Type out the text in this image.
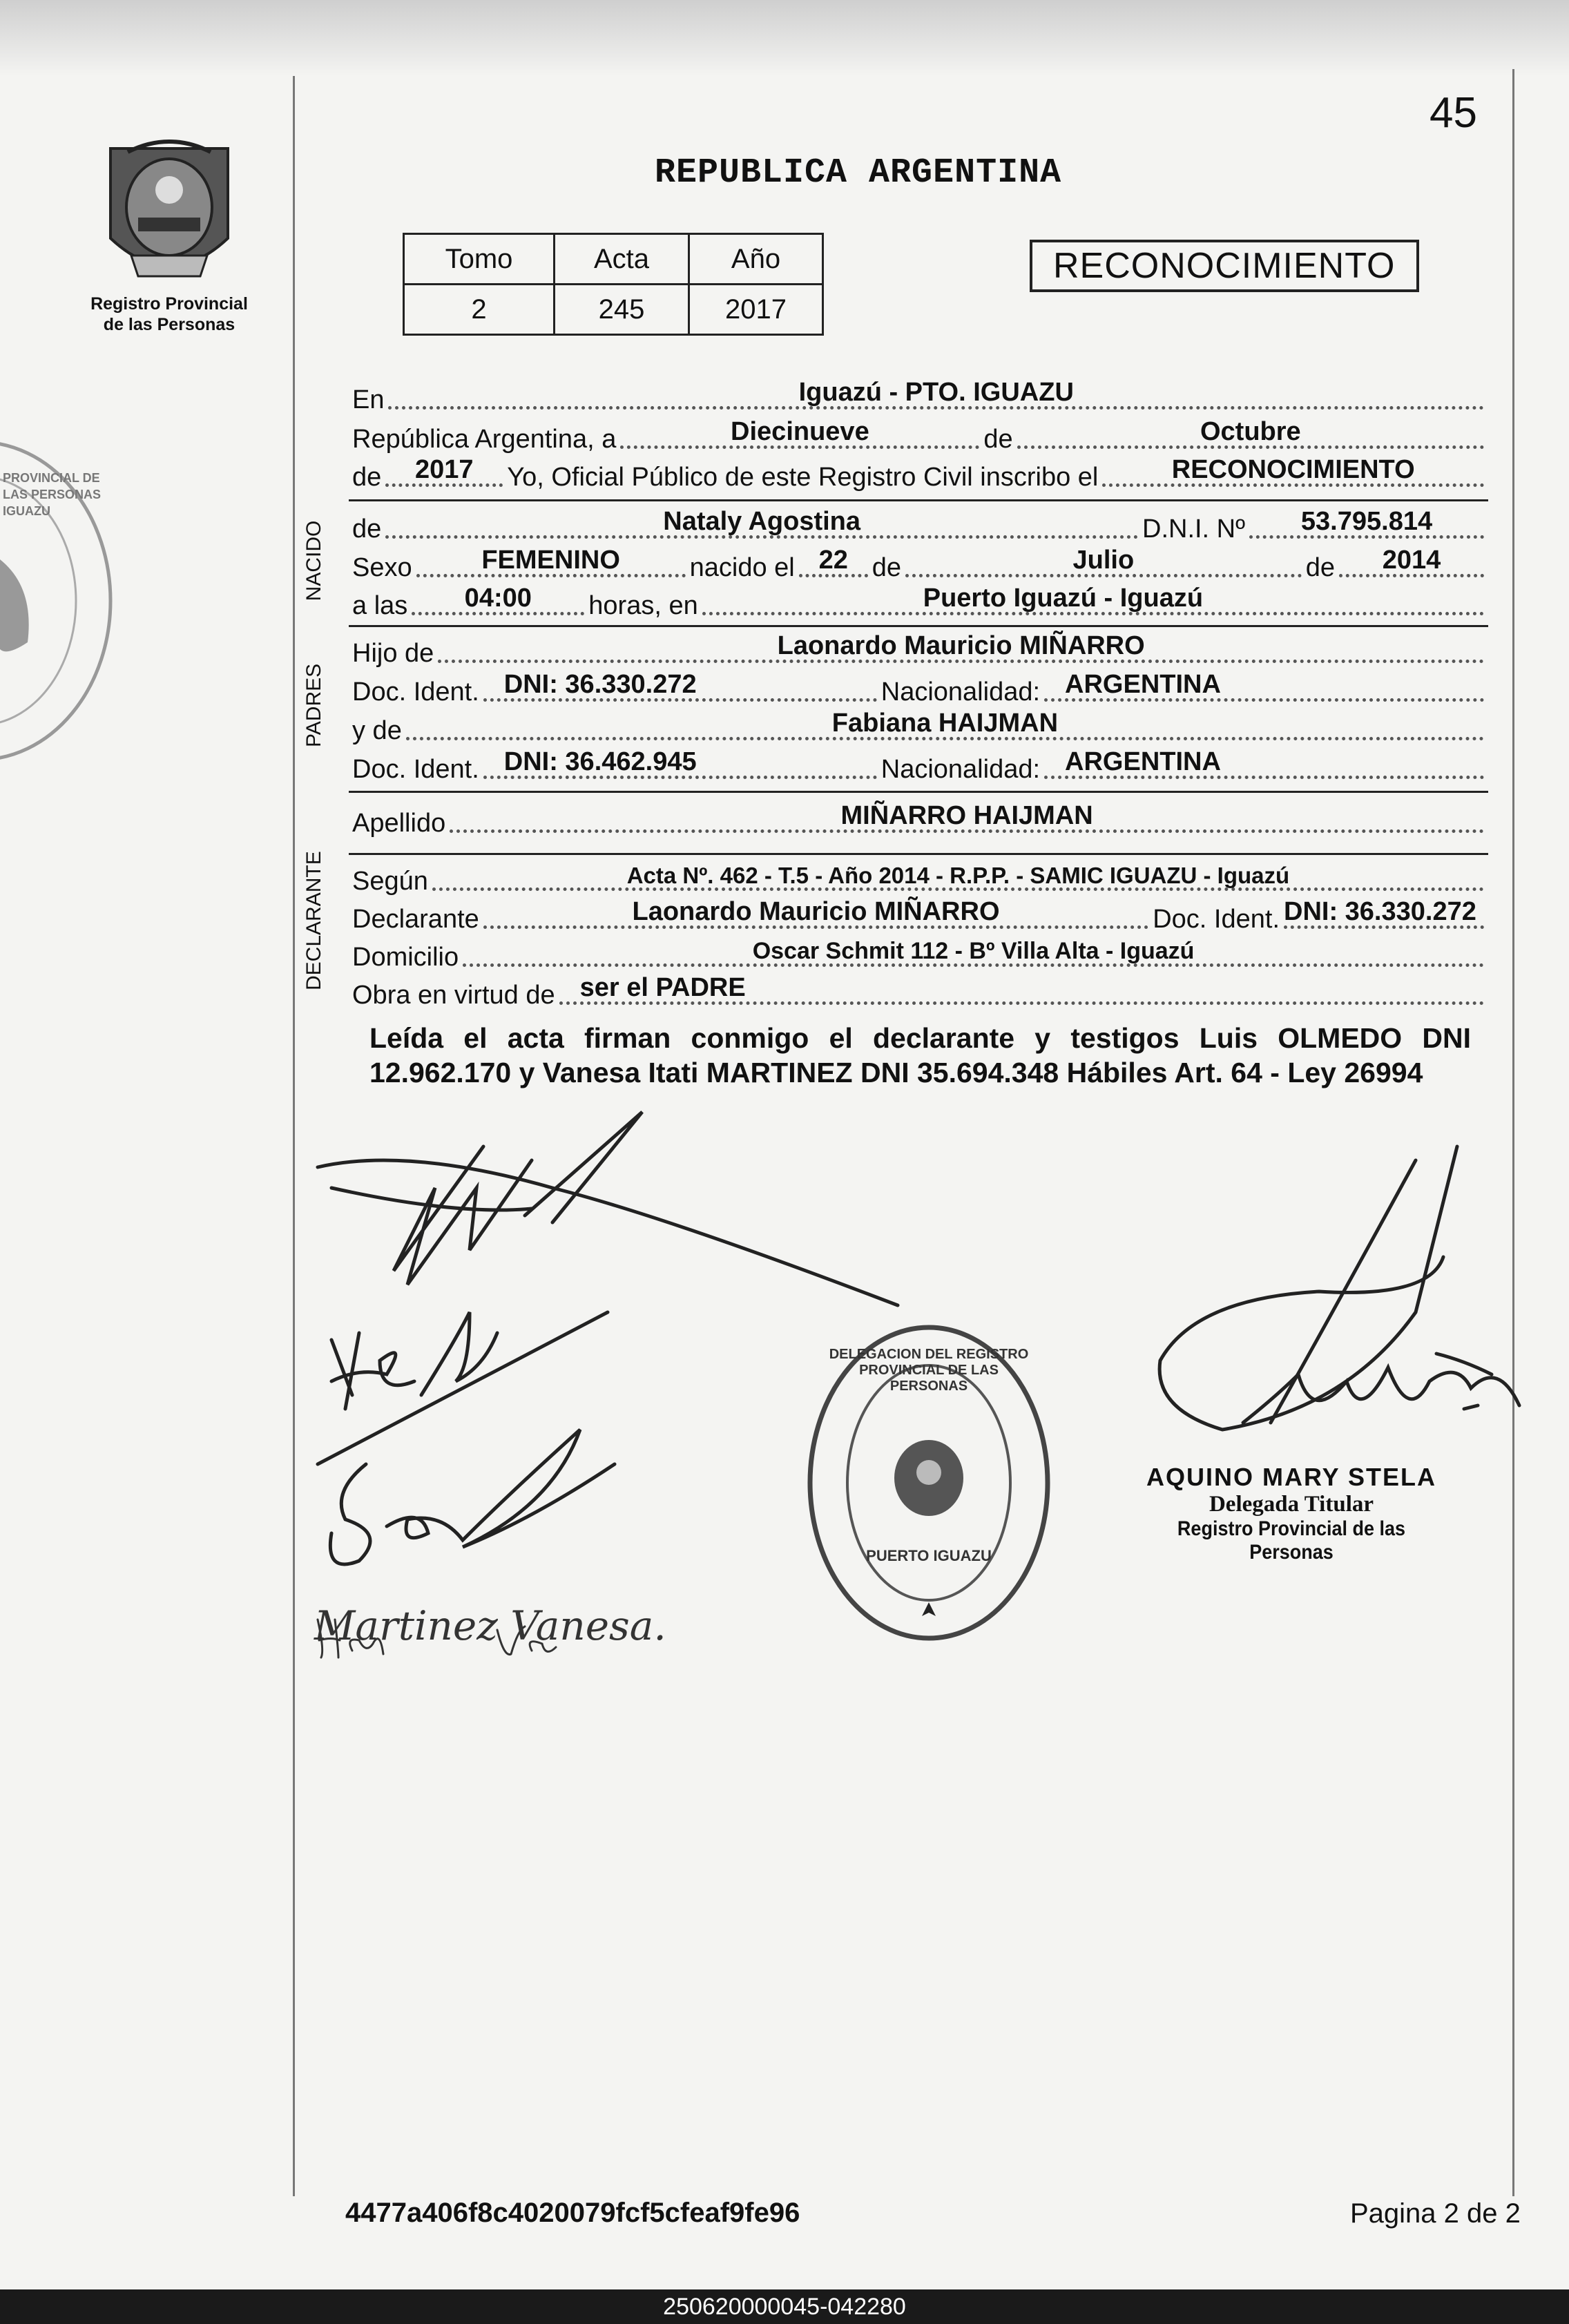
45
Registro Provincial
de las Personas
REPUBLICA ARGENTINA
Tomo	Acta	Año
2	245	2017
RECONOCIMIENTO
En	Iguazú - PTO. IGUAZU
República Argentina, a	Diecinueve	de	Octubre
de 2017 Yo, Oficial Público de este Registro Civil inscribo el	RECONOCIMIENTO
de	Nataly Agostina	D.N.I. Nº 53.795.814
Sexo	FEMENINO	nacido el 22 de	Julio	de 2014
a las 04:00 horas, en	Puerto Iguazú - Iguazú
Hijo de	Laonardo Mauricio MIÑARRO
Doc. Ident. DNI: 36.330.272	Nacionalidad: ARGENTINA
y de	Fabiana HAIJMAN
Doc. Ident. DNI: 36.462.945	Nacionalidad: ARGENTINA
Apellido	MIÑARRO HAIJMAN
Según	Acta Nº. 462 - T.5 - Año 2014 - R.P.P. - SAMIC IGUAZU - Iguazú
Declarante	Laonardo Mauricio MIÑARRO	Doc. Ident. DNI: 36.330.272
Domicilio	Oscar Schmit 112 - Bº Villa Alta - Iguazú
Obra en virtud de ser el PADRE
NACIDO
PADRES
DECLARANTE
Leída el acta firman conmigo el declarante y testigos Luis OLMEDO DNI 12.962.170 y Vanesa Itati MARTINEZ DNI 35.694.348 Hábiles Art. 64 - Ley 26994
Martinez Vanesa.
DELEGACION DEL REGISTRO PROVINCIAL DE LAS PERSONAS
PUERTO IGUAZU
PROVINCIAL DE LAS PERSONAS IGUAZU
AQUINO MARY STELA
Delegada Titular
Registro Provincial de las Personas
4477a406f8c4020079fcf5cfeaf9fe96	Pagina 2 de 2
250620000045-042280
